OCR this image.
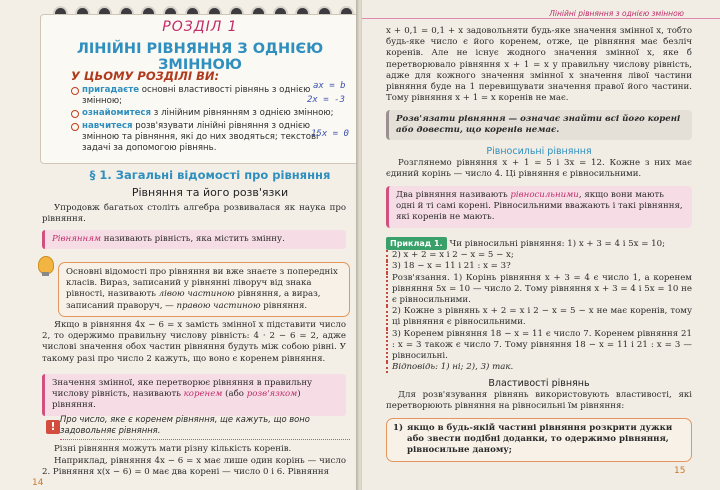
РОЗДІЛ 1
ЛІНІЙНІ РІВНЯННЯ З ОДНІЄЮ ЗМІННОЮ
У ЦЬОМУ РОЗДІЛІ ВИ:
пригадаєте основні властивості рівнянь з однією змінною;
ознайомитеся з лінійним рівнянням з однією змінною;
навчитеся розв'язувати лінійні рівняння з однією змінною та рівняння, які до них зводяться; текстові задачі за допомогою рівнянь.
ax = b
2x = -3
15x = 0
§ 1. Загальні відомості про рівняння
Рівняння та його розв'язки
Упродовж багатьох століть алгебра розвивалася як наука про рівняння.
Рівнянням називають рівність, яка містить змінну.
Основні відомості про рівняння ви вже знаєте з попередніх класів. Вираз, записаний у рівнянні ліворуч від знака рівності, називають лівою частиною рівняння, а вираз, записаний праворуч, — правою частиною рівняння.
Якщо в рівняння 4x − 6 = x замість змінної x підставити число 2, то одержимо правильну числову рівність: 4 · 2 − 6 = 2, адже числові значення обох частин рівняння будуть між собою рівні. У такому разі про число 2 кажуть, що воно є коренем рівняння.
Значення змінної, яке перетворює рівняння в правильну числову рівність, називають коренем (або розв'язком) рівняння.
!
Про число, яке є коренем рівняння, ще кажуть, що воно задовольняє рівняння.
Різні рівняння можуть мати різну кількість коренів.
Наприклад, рівняння 4x − 6 = x має лише один корінь — число 2. Рівняння x(x − 6) = 0 має два корені — число 0 і 6. Рівняння
14
Лінійні рівняння з однією змінною
x + 0,1 = 0,1 + x задовольняти будь-яке значення змінної x, тобто будь-яке число є його коренем, отже, це рівняння має безліч коренів. Але не існує жодного значення змінної x, яке б перетворювало рівняння x + 1 = x у правильну числову рівність, адже для кожного значення змінної x значення лівої частини рівняння буде на 1 перевищувати значення правої його частини. Тому рівняння x + 1 = x коренів не має.
Розв'язати рівняння — означає знайти всі його корені або довести, що коренів немає.
Рівносильні рівняння
Розглянемо рівняння x + 1 = 5 і 3x = 12. Кожне з них має єдиний корінь — число 4. Ці рівняння є рівносильними.
Два рівняння називають рівносильними, якщо вони мають одні й ті самі корені. Рівносильними вважають і такі рівняння, які коренів не мають.
Приклад 1. Чи рівносильні рівняння: 1) x + 3 = 4 і 5x = 10;
2) x + 2 = x і 2 − x = 5 − x;
3) 18 − x = 11 і 21 : x = 3?
Розв'язання. 1) Корінь рівняння x + 3 = 4 є число 1, а коренем рівняння 5x = 10 — число 2. Тому рівняння x + 3 = 4 і 5x = 10 не є рівносильними.
2) Кожне з рівнянь x + 2 = x і 2 − x = 5 − x не має коренів, тому ці рівняння є рівносильними.
3) Коренем рівняння 18 − x = 11 є число 7. Коренем рівняння 21 : x = 3 також є число 7. Тому рівняння 18 − x = 11 і 21 : x = 3 — рівносильні.
Відповідь: 1) ні; 2), 3) так.
Властивості рівнянь
Для розв'язування рівнянь використовують властивості, які перетворюють рівняння на рівносильні їм рівняння:
1) якщо в будь-якій частині рівняння розкрити дужки або звести подібні доданки, то одержимо рівняння, рівносильне даному;
15
